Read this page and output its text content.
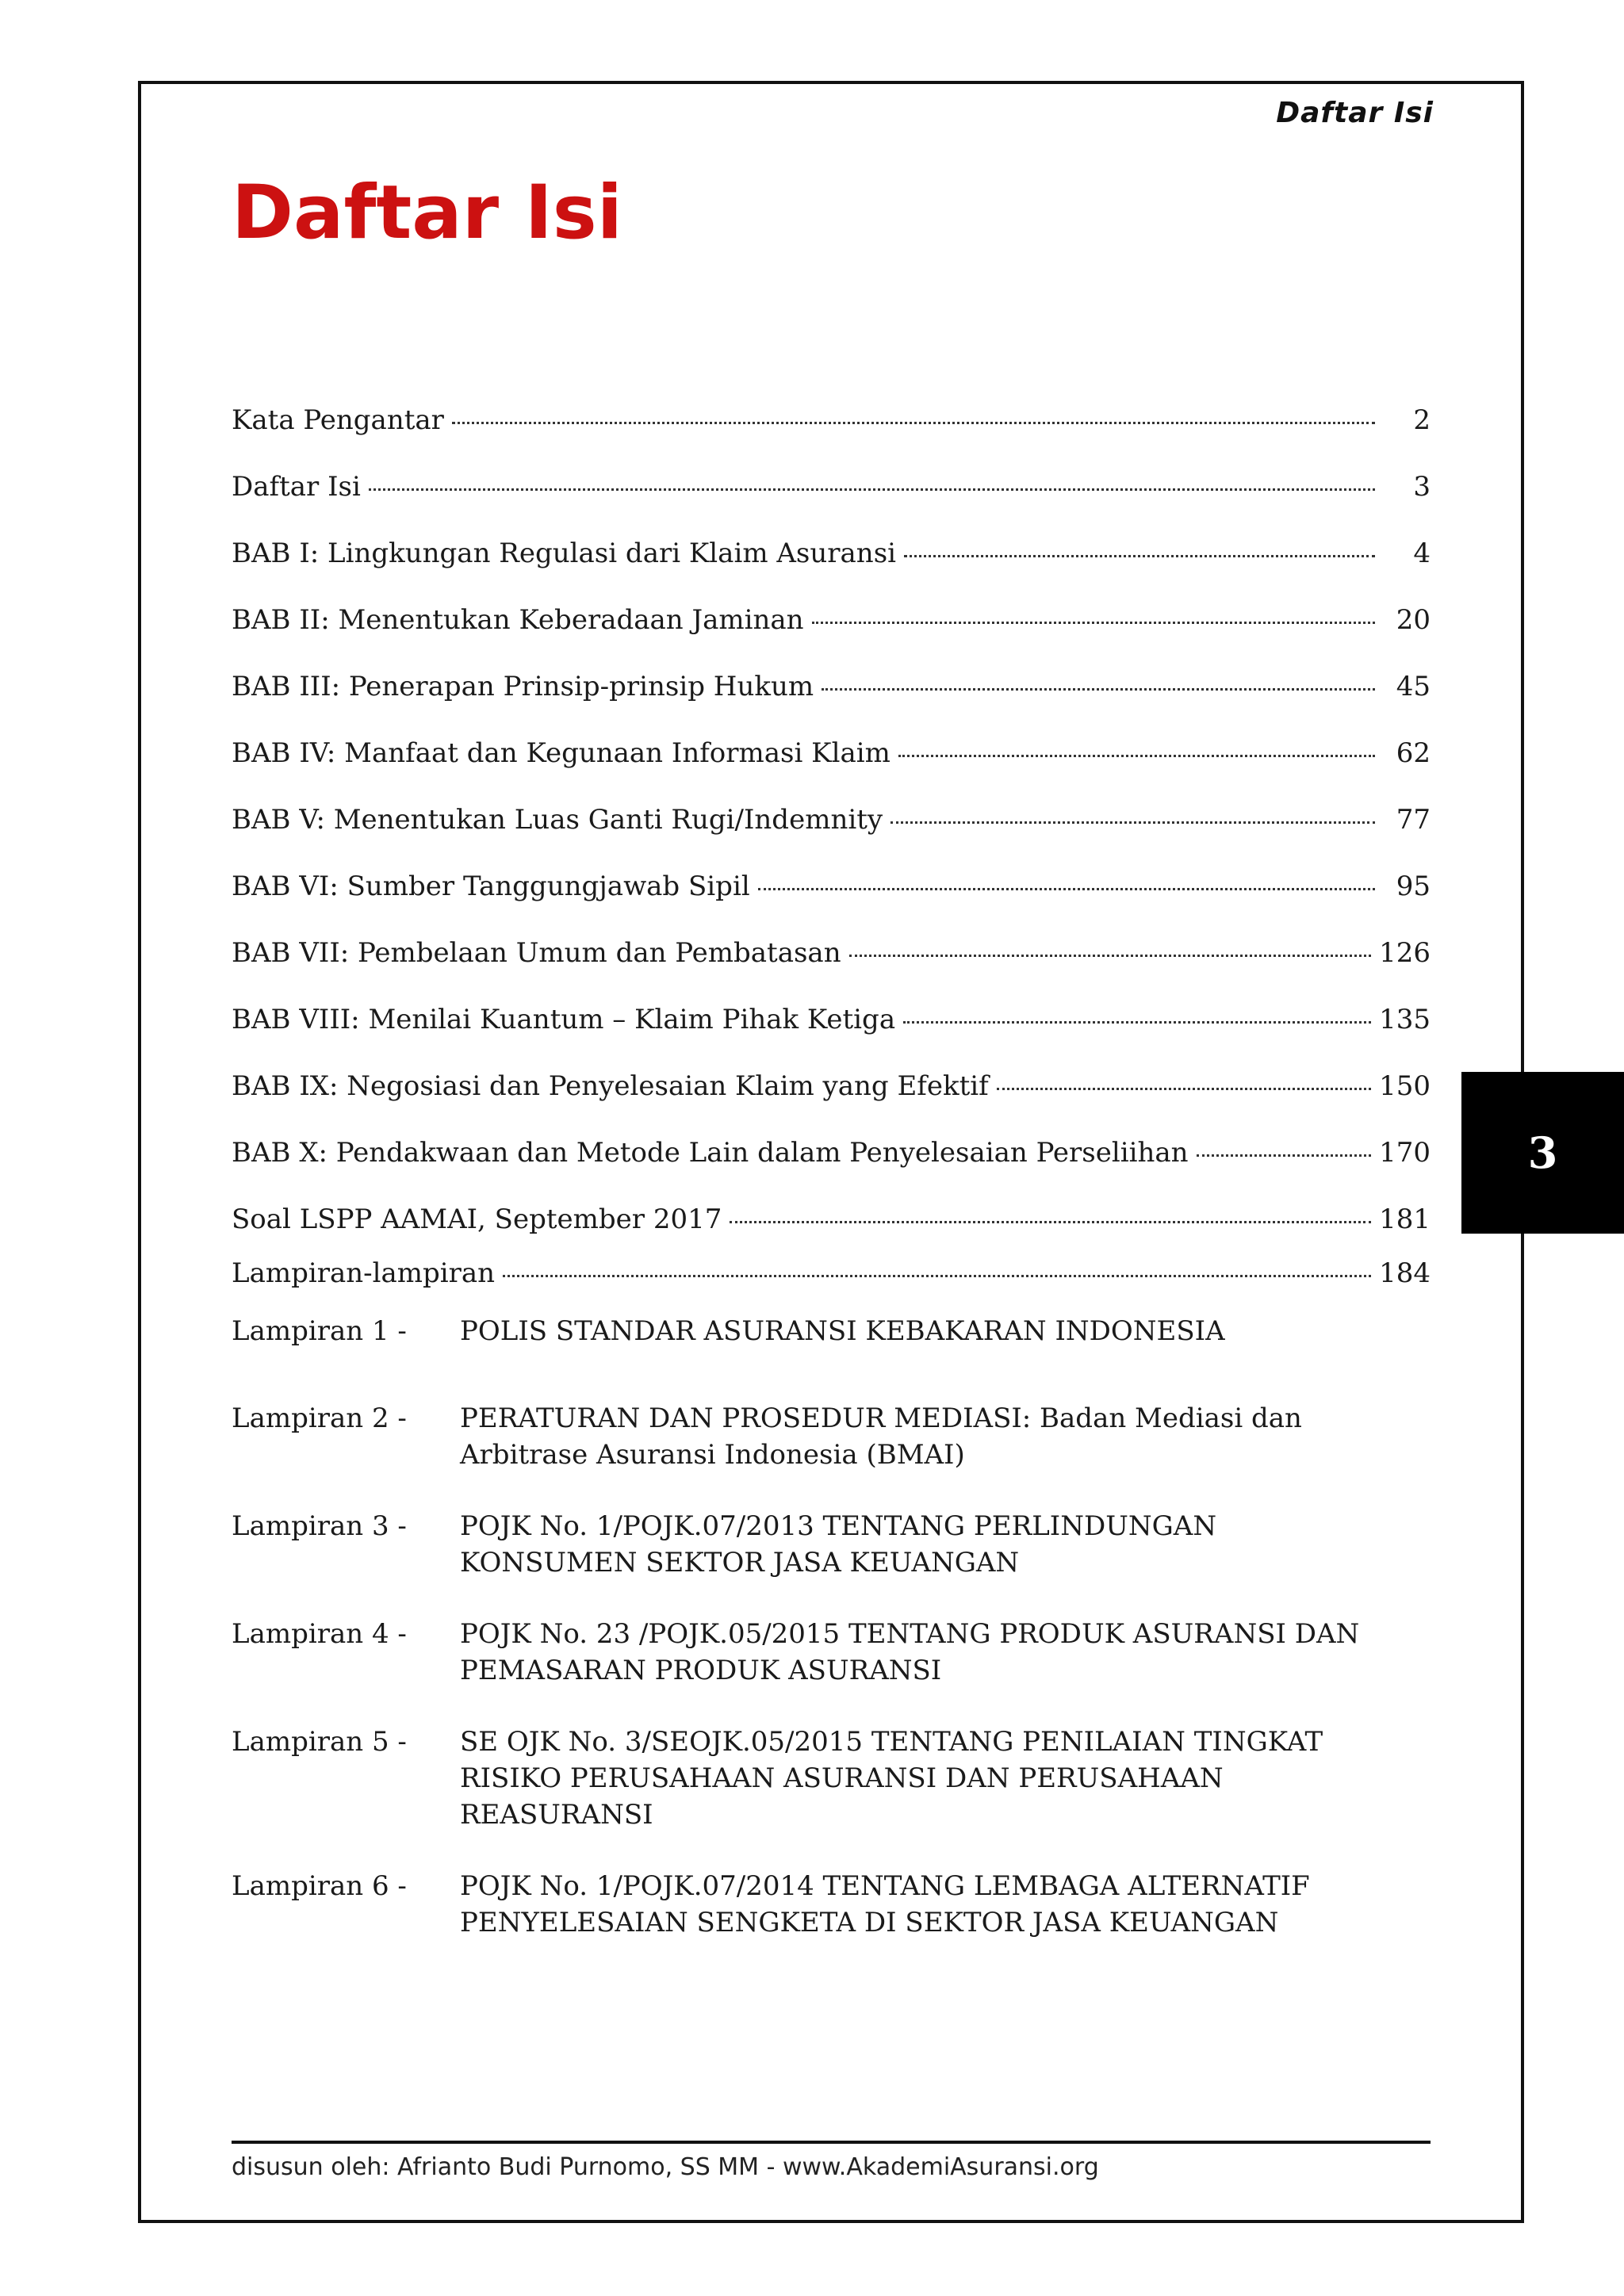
Daftar Isi
Daftar Isi
Kata Pengantar	2
Daftar Isi	3
BAB I: Lingkungan Regulasi dari Klaim Asuransi	4
BAB II: Menentukan Keberadaan Jaminan	20
BAB III: Penerapan Prinsip-prinsip Hukum	45
BAB IV: Manfaat dan Kegunaan Informasi Klaim	62
BAB V: Menentukan Luas Ganti Rugi/Indemnity	77
BAB VI: Sumber Tanggungjawab Sipil	95
BAB VII: Pembelaan Umum dan Pembatasan	126
BAB VIII: Menilai Kuantum – Klaim Pihak Ketiga	135
BAB IX: Negosiasi dan Penyelesaian Klaim yang Efektif	150
BAB X: Pendakwaan dan Metode Lain dalam Penyelesaian Perseliihan	170
Soal LSPP AAMAI, September 2017	181
Lampiran-lampiran	184
Lampiran 1 -	POLIS STANDAR ASURANSI KEBAKARAN INDONESIA
Lampiran 2 -	PERATURAN DAN PROSEDUR MEDIASI: Badan Mediasi dan Arbitrase Asuransi Indonesia (BMAI)
Lampiran 3 -	POJK No. 1/POJK.07/2013 TENTANG PERLINDUNGAN KONSUMEN SEKTOR JASA KEUANGAN
Lampiran 4 -	POJK No. 23 /POJK.05/2015 TENTANG PRODUK ASURANSI DAN PEMASARAN PRODUK ASURANSI
Lampiran 5 -	SE OJK No. 3/SEOJK.05/2015 TENTANG PENILAIAN TINGKAT RISIKO PERUSAHAAN ASURANSI DAN PERUSAHAAN REASURANSI
Lampiran 6 -	POJK No. 1/POJK.07/2014 TENTANG LEMBAGA ALTERNATIF PENYELESAIAN SENGKETA DI SEKTOR JASA KEUANGAN
3
disusun oleh: Afrianto Budi Purnomo, SS MM - www.AkademiAsuransi.org
